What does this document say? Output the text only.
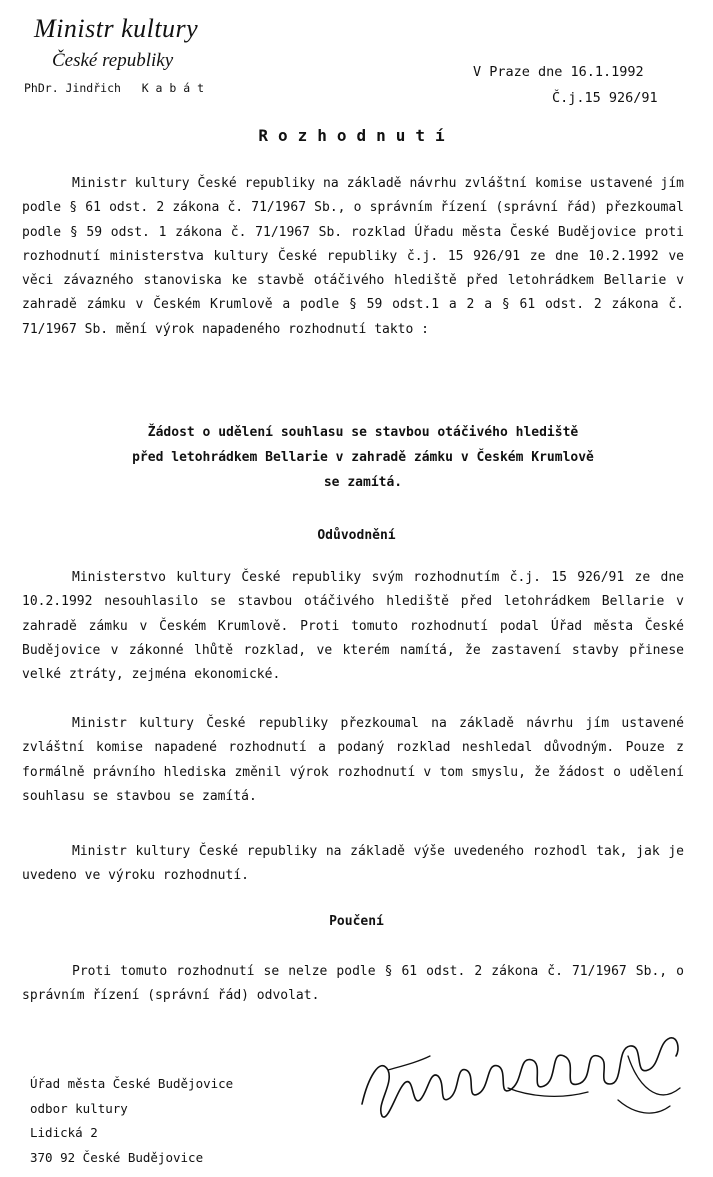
Ministr kultury
České republiky
PhDr. Jindřich   K a b á t
V Praze dne 16.1.1992
Č.j.15 926/91
Rozhodnutí
Ministr kultury České republiky na základě návrhu zvláštní komise ustavené jím podle § 61 odst. 2 zákona č. 71/1967 Sb., o správním řízení (správní řád) přezkoumal podle § 59 odst. 1 zákona č. 71/1967 Sb. rozklad Úřadu města České Budějovice proti rozhodnutí ministerstva kultury České republiky č.j. 15 926/91 ze dne 10.2.1992 ve věci závazného stanoviska ke stavbě otáčivého hlediště před letohrádkem Bellarie v zahradě zámku v Českém Krumlově a podle § 59 odst.1 a 2 a § 61 odst. 2 zákona č. 71/1967 Sb. mění výrok napadeného rozhodnutí takto :
Žádost o udělení souhlasu se stavbou otáčivého hlediště
před letohrádkem Bellarie v zahradě zámku v Českém Krumlově
se zamítá.
Odůvodnění
Ministerstvo kultury České republiky svým rozhodnutím č.j. 15 926/91 ze dne 10.2.1992 nesouhlasilo se stavbou otáčivého hlediště před letohrádkem Bellarie v zahradě zámku v Českém Krumlově. Proti tomuto rozhodnutí podal Úřad města České Budějovice v zákonné lhůtě rozklad, ve kterém namítá, že zastavení stavby přinese velké ztráty, zejména ekonomické.
Ministr kultury České republiky přezkoumal na základě návrhu jím ustavené zvláštní komise napadené rozhodnutí a podaný rozklad neshledal důvodným. Pouze z formálně právního hlediska změnil výrok rozhodnutí v tom smyslu, že žádost o udělení souhlasu se stavbou se zamítá.
Ministr kultury České republiky na základě výše uvedeného rozhodl tak, jak je uvedeno ve výroku rozhodnutí.
Poučení
Proti tomuto rozhodnutí se nelze podle § 61 odst. 2 zákona č. 71/1967 Sb., o správním řízení (správní řád) odvolat.
Úřad města České Budějovice
odbor kultury
Lidická 2
370 92 České Budějovice
